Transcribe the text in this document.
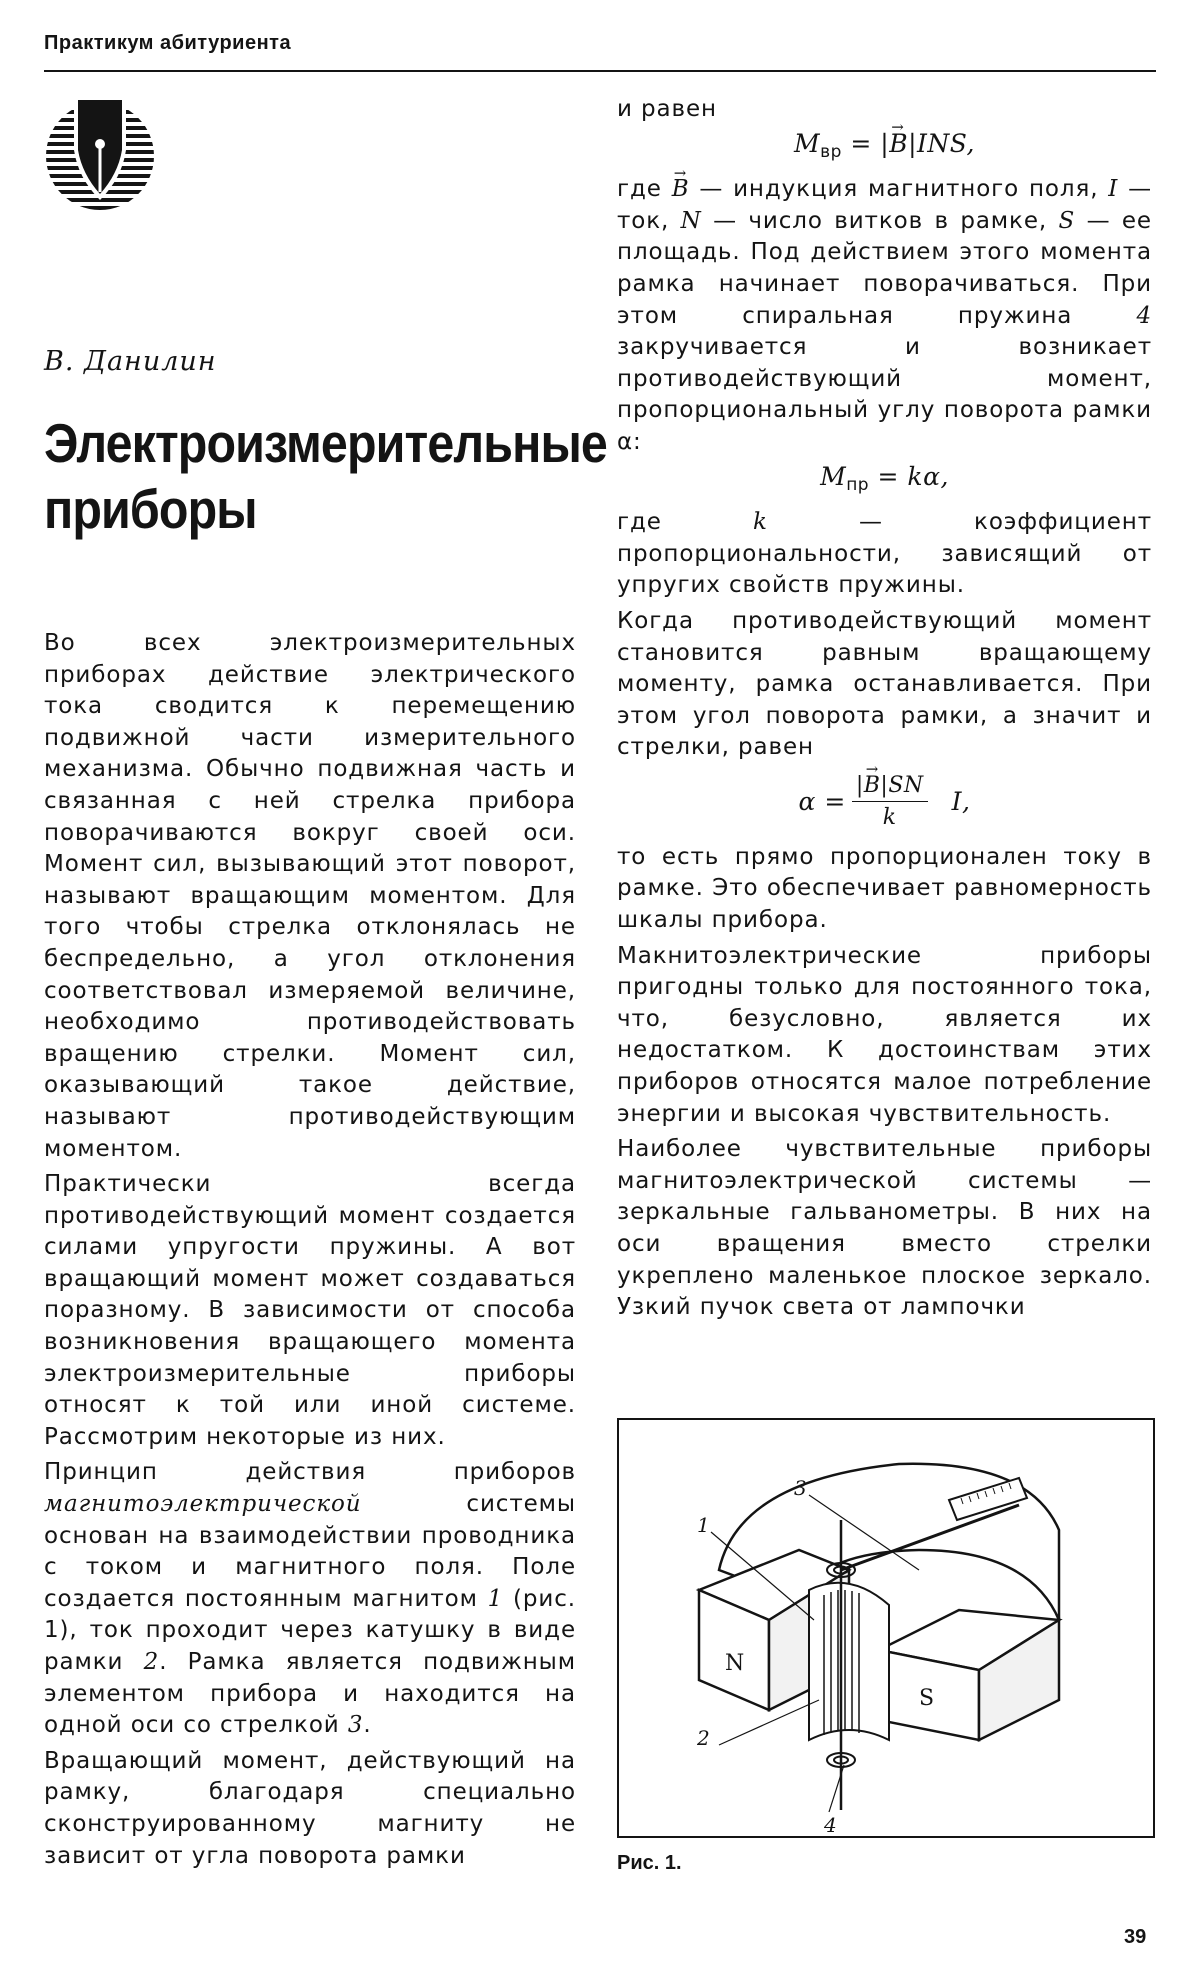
Практикум абитуриента
В. Данилин
Электроизмерительные приборы

Во всех электроизмерительных приборах действие электрического тока сводится к перемещению подвижной части измерительного механизма. Обычно подвижная часть и связанная с ней стрелка прибора поворачиваются вокруг своей оси. Момент сил, вызывающий этот поворот, называют вращающим моментом. Для того чтобы стрелка отклонялась не беспредельно, а угол отклонения соответствовал измеряемой величине, необходимо противодействовать вращению стрелки. Момент сил, оказывающий такое действие, называют противодействующим моментом.

Практически всегда противодействующий момент создается силами упругости пружины. А вот вращающий момент может создаваться поразному. В зависимости от способа возникновения вращающего момента электроизмерительные приборы относят к той или иной системе. Рассмотрим некоторые из них.

Принцип действия приборов магнитоэлектрической системы основан на взаимодействии проводника с током и магнитного поля. Поле создается постоянным магнитом 1 (рис. 1), ток проходит через катушку в виде рамки 2. Рамка является подвижным элементом прибора и находится на одной оси со стрелкой 3.

Вращающий момент, действующий на рамку, благодаря специально сконструированному магниту не зависит от угла поворота рамки

и равен

$M_{вр}$ = |→ B|INS,

где → B — индукция магнитного поля, I — ток, N — число витков в рамке, S — ее площадь. Под действием этого момента рамка начинает поворачиваться. При этом спиральная пружина 4 закручивается и возникает противодействующий момент, пропорциональный углу поворота рамки α:

$M_{пр} = k\alpha$,

где k — коэффициент пропорциональности, зависящий от упругих свойств пружины.

Когда противодействующий момент становится равным вращающему моменту, рамка останавливается. При этом угол поворота рамки, а значит и стрелки, равен

$\alpha = \frac{|\to B|SN}{k} I$,

то есть прямо пропорционален току в рамке. Это обеспечивает равномерность шкалы прибора.

Макнитоэлектрические приборы пригодны только для постоянного тока, что, безусловно, является их недостатком. К достоинствам этих приборов относятся малое потребление энергии и высокая чувствительность.

Наиболее чувствительные приборы магнитоэлектрической системы — зеркальные гальванометры. В них на оси вращения вместо стрелки укреплено маленькое плоское зеркало. Узкий пучок света от лампочки

1
2
3
4
N
S
Рис. 1.
39
